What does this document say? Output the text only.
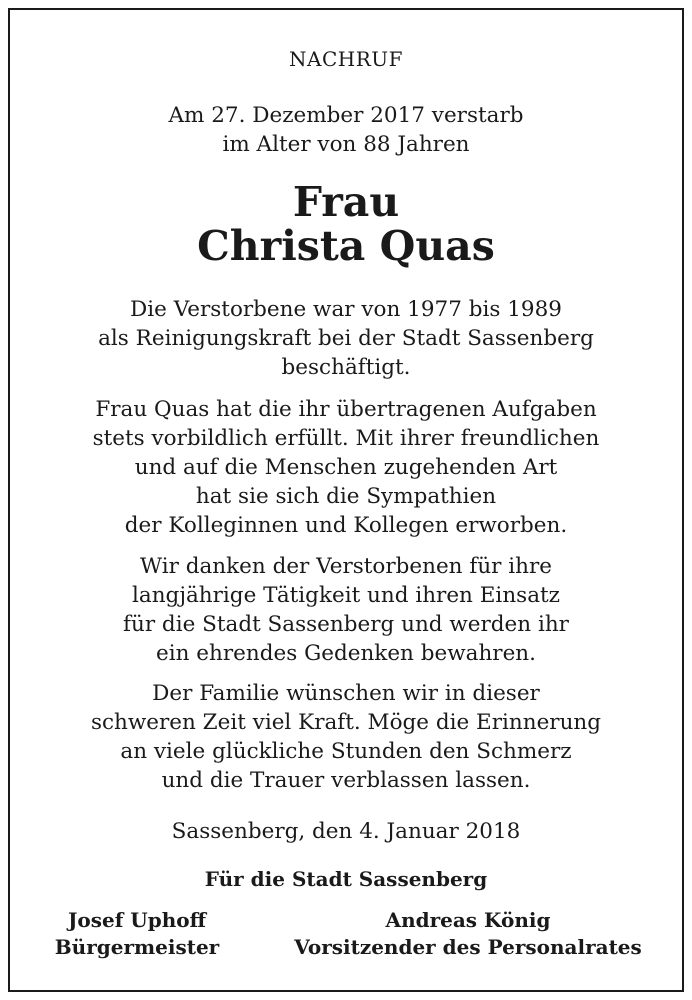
NACHRUF
Am 27. Dezember 2017 verstarb
im Alter von 88 Jahren
Frau
Christa Quas
Die Verstorbene war von 1977 bis 1989
als Reinigungskraft bei der Stadt Sassenberg
beschäftigt.
Frau Quas hat die ihr übertragenen Aufgaben
stets vorbildlich erfüllt. Mit ihrer freundlichen
und auf die Menschen zugehenden Art
hat sie sich die Sympathien
der Kolleginnen und Kollegen erworben.
Wir danken der Verstorbenen für ihre
langjährige Tätigkeit und ihren Einsatz
für die Stadt Sassenberg und werden ihr
ein ehrendes Gedenken bewahren.
Der Familie wünschen wir in dieser
schweren Zeit viel Kraft. Möge die Erinnerung
an viele glückliche Stunden den Schmerz
und die Trauer verblassen lassen.
Sassenberg, den 4. Januar 2018
Für die Stadt Sassenberg
Josef Uphoff
Bürgermeister
Andreas König
Vorsitzender des Personalrates
